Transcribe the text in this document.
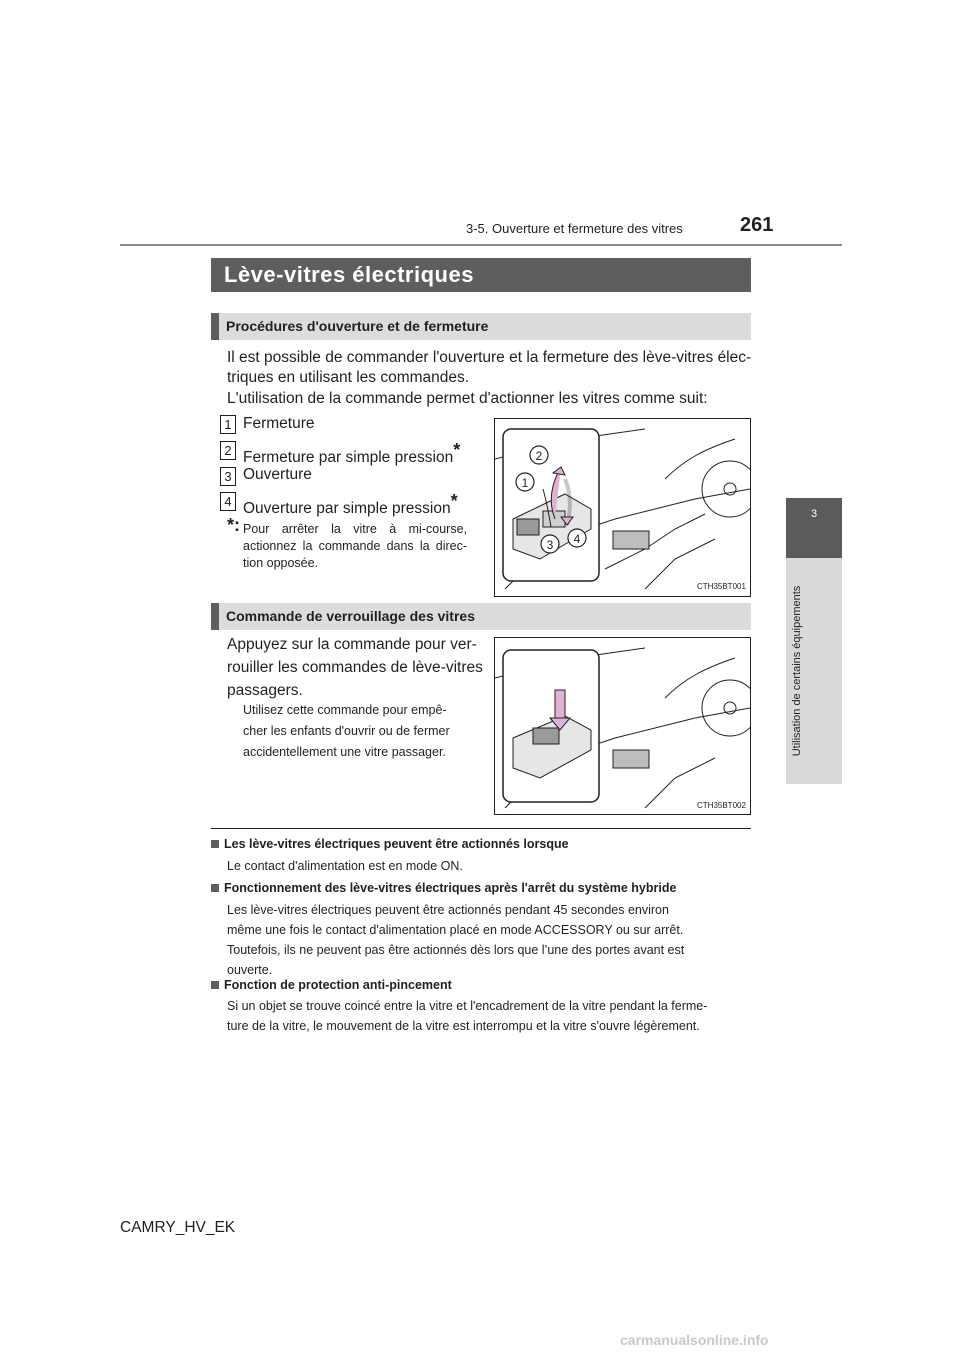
3-5. Ouverture et fermeture des vitres	261
3
Utilisation de certains équipements
Lève-vitres électriques
Procédures d'ouverture et de fermeture
Il est possible de commander l'ouverture et la fermeture des lève-vitres élec-
triques en utilisant les commandes.
L'utilisation de la commande permet d'actionner les vitres comme suit:
1 Fermeture
2 Fermeture par simple pression*
3 Ouverture
4 Ouverture par simple pression*
*: Pour arrêter la vitre à mi-course, actionnez la commande dans la direc-tion opposée.
2
1
3 4
CTH35BT001
Commande de verrouillage des vitres
Appuyez sur la commande pour ver-
rouiller les commandes de lève-vitres
passagers.
Utilisez cette commande pour empê-
cher les enfants d'ouvrir ou de fermer
accidentellement une vitre passager.
CTH35BT002
Les lève-vitres électriques peuvent être actionnés lorsque
Le contact d'alimentation est en mode ON.
Fonctionnement des lève-vitres électriques après l'arrêt du système hybride
Les lève-vitres électriques peuvent être actionnés pendant 45 secondes environ
même une fois le contact d'alimentation placé en mode ACCESSORY ou sur arrêt.
Toutefois, ils ne peuvent pas être actionnés dès lors que l’une des portes avant est
ouverte.
Fonction de protection anti-pincement
Si un objet se trouve coincé entre la vitre et l'encadrement de la vitre pendant la ferme-
ture de la vitre, le mouvement de la vitre est interrompu et la vitre s'ouvre légèrement.
CAMRY_HV_EK
carmanualsonline.info
